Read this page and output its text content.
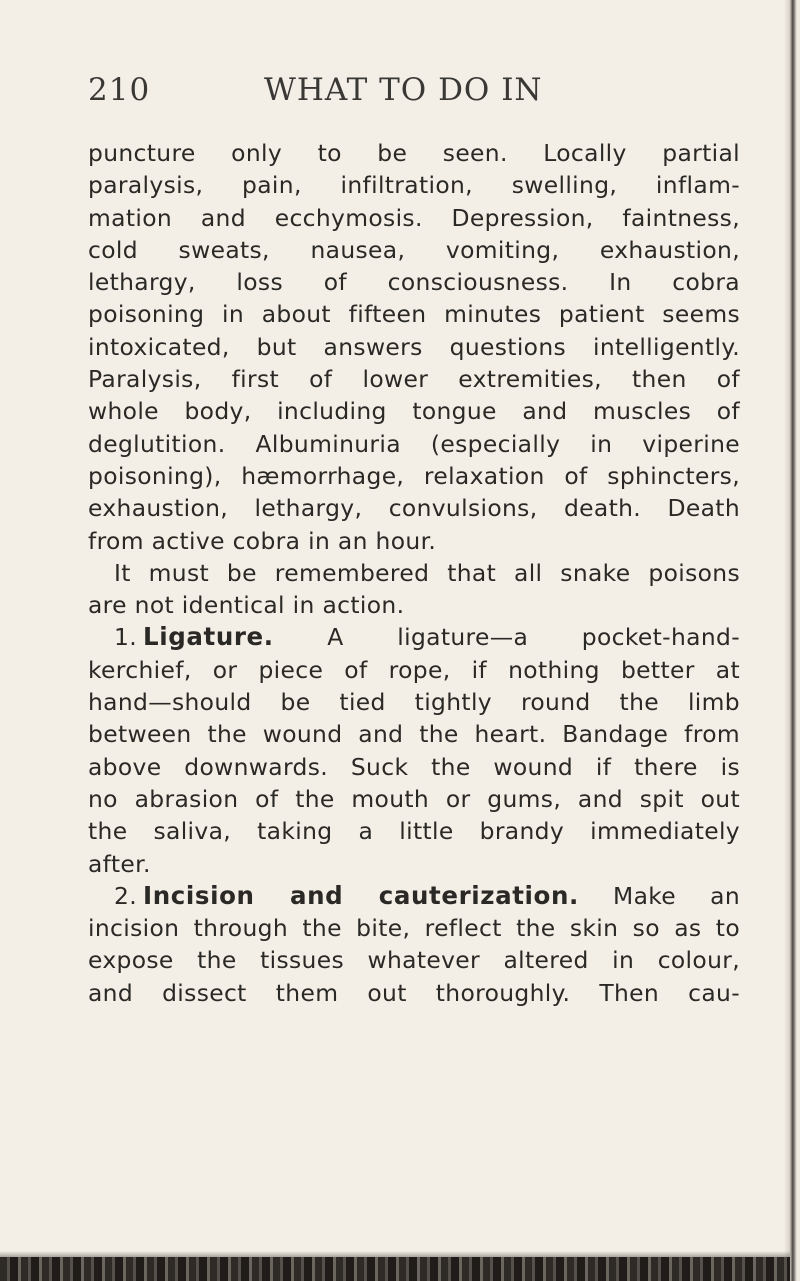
210	WHAT TO DO IN
puncture only to be seen. Locally partial
paralysis, pain, infiltration, swelling, inflam-
mation and ecchymosis. Depression, faintness,
cold sweats, nausea, vomiting, exhaustion,
lethargy, loss of consciousness. In cobra
poisoning in about fifteen minutes patient seems
intoxicated, but answers questions intelligently.
Paralysis, first of lower extremities, then of
whole body, including tongue and muscles of
deglutition. Albuminuria (especially in viperine
poisoning), hæmorrhage, relaxation of sphincters,
exhaustion, lethargy, convulsions, death. Death
from active cobra in an hour.
It must be remembered that all snake poisons
are not identical in action.
1. Ligature. A ligature—a pocket-hand-
kerchief, or piece of rope, if nothing better at
hand—should be tied tightly round the limb
between the wound and the heart. Bandage from
above downwards. Suck the wound if there is
no abrasion of the mouth or gums, and spit out
the saliva, taking a little brandy immediately
after.
2. Incision and cauterization. Make an
incision through the bite, reflect the skin so as to
expose the tissues whatever altered in colour,
and dissect them out thoroughly. Then cau-
